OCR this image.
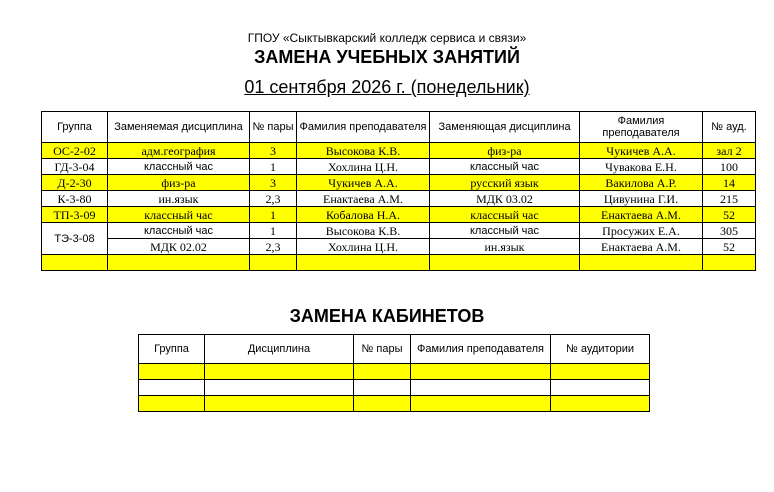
ГПОУ «Сыктывкарский колледж сервиса и связи»
ЗАМЕНА УЧЕБНЫХ ЗАНЯТИЙ
01 сентября 2026 г. (понедельник)
Группа	Заменяемая дисциплина	№ пары	Фамилия преподавателя	Заменяющая дисциплина	Фамилия преподавателя	№ ауд.
ОС-2-02	адм.география	3	Высокова К.В.	физ-ра	Чукичев А.А.	зал 2
ГД-3-04	классный час	1	Хохлина Ц.Н.	классный час	Чувакова Е.Н.	100
Д-2-30	физ-ра	3	Чукичев А.А.	русский язык	Вакилова А.Р.	14
К-3-80	ин.язык	2,3	Енактаева А.М.	МДК 03.02	Цивунина Г.И.	215
ТП-3-09	классный час	1	Кобалова Н.А.	классный час	Енактаева А.М.	52
ТЭ-3-08	классный час	1	Высокова К.В.	классный час	Просужих Е.А.	305
	МДК 02.02	2,3	Хохлина Ц.Н.	ин.язык	Енактаева А.М.	52

ЗАМЕНА КАБИНЕТОВ
Группа	Дисциплина	№ пары	Фамилия преподавателя	№ аудитории
